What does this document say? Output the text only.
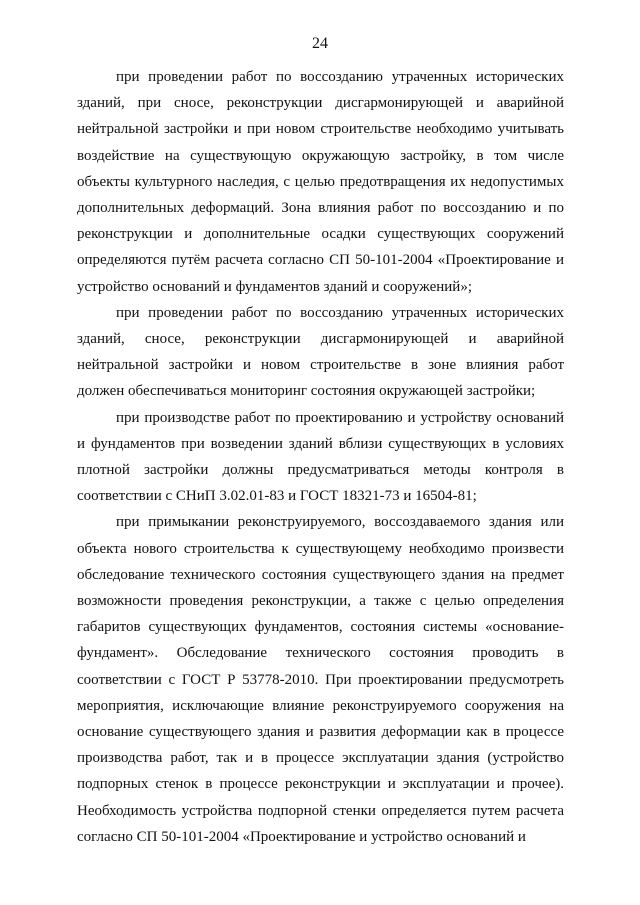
24

при проведении работ по воссозданию утраченных исторических зданий, при сносе, реконструкции дисгармонирующей и аварийной нейтральной застройки и при новом строительстве необходимо учитывать воздействие на существующую окружающую застройку, в том числе объекты культурного наследия, с целью предотвращения их недопустимых дополнительных деформаций. Зона влияния работ по воссозданию и по реконструкции и дополнительные осадки существующих сооружений определяются путём расчета согласно СП 50-101-2004 «Проектирование и устройство оснований и фундаментов зданий и сооружений»;

при проведении работ по воссозданию утраченных исторических зданий, сносе, реконструкции дисгармонирующей и аварийной нейтральной застройки и новом строительстве в зоне влияния работ должен обеспечиваться мониторинг состояния окружающей застройки;

при производстве работ по проектированию и устройству оснований и фундаментов при возведении зданий вблизи существующих в условиях плотной застройки должны предусматриваться методы контроля в соответствии с СНиП 3.02.01-83 и ГОСТ 18321-73 и 16504-81;

при примыкании реконструируемого, воссоздаваемого здания или объекта нового строительства к существующему необходимо произвести обследование технического состояния существующего здания на предмет возможности проведения реконструкции, а также с целью определения габаритов существующих фундаментов, состояния системы «основание-фундамент». Обследование технического состояния проводить в соответствии с ГОСТ Р 53778-2010. При проектировании предусмотреть мероприятия, исключающие влияние реконструируемого сооружения на основание существующего здания и развития деформации как в процессе производства работ, так и в процессе эксплуатации здания (устройство подпорных стенок в процессе реконструкции и эксплуатации и прочее). Необходимость устройства подпорной стенки определяется путем расчета согласно СП 50-101-2004 «Проектирование и устройство оснований и
